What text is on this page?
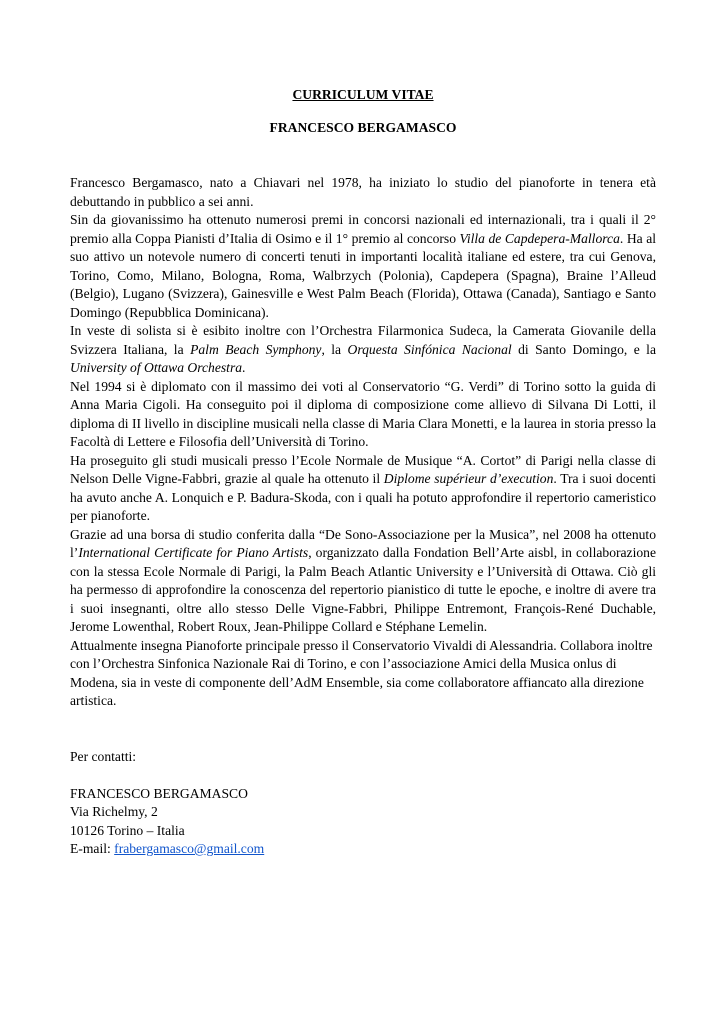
CURRICULUM VITAE

FRANCESCO BERGAMASCO

Francesco Bergamasco, nato a Chiavari nel 1978, ha iniziato lo studio del pianoforte in tenera età debuttando in pubblico a sei anni.

Sin da giovanissimo ha ottenuto numerosi premi in concorsi nazionali ed internazionali, tra i quali il 2° premio alla Coppa Pianisti d’Italia di Osimo e il 1° premio al concorso Villa de Capdepera-Mallorca. Ha al suo attivo un notevole numero di concerti tenuti in importanti località italiane ed estere, tra cui Genova, Torino, Como, Milano, Bologna, Roma, Walbrzych (Polonia), Capdepera (Spagna), Braine l’Alleud (Belgio), Lugano (Svizzera), Gainesville e West Palm Beach (Florida), Ottawa (Canada), Santiago e Santo Domingo (Repubblica Dominicana).

In veste di solista si è esibito inoltre con l’Orchestra Filarmonica Sudeca, la Camerata Giovanile della Svizzera Italiana, la Palm Beach Symphony, la Orquesta Sinfónica Nacional di Santo Domingo, e la University of Ottawa Orchestra.

Nel 1994 si è diplomato con il massimo dei voti al Conservatorio “G. Verdi” di Torino sotto la guida di Anna Maria Cigoli. Ha conseguito poi il diploma di composizione come allievo di Silvana Di Lotti, il diploma di II livello in discipline musicali nella classe di Maria Clara Monetti, e la laurea in storia presso la Facoltà di Lettere e Filosofia dell’Università di Torino.

Ha proseguito gli studi musicali presso l’Ecole Normale de Musique “A. Cortot” di Parigi nella classe di Nelson Delle Vigne-Fabbri, grazie al quale ha ottenuto il Diplome supérieur d’execution. Tra i suoi docenti ha avuto anche A. Lonquich e P. Badura-Skoda, con i quali ha potuto approfondire il repertorio cameristico per pianoforte.

Grazie ad una borsa di studio conferita dalla “De Sono-Associazione per la Musica”, nel 2008 ha ottenuto l’International Certificate for Piano Artists, organizzato dalla Fondation Bell’Arte aisbl, in collaborazione con la stessa Ecole Normale di Parigi, la Palm Beach Atlantic University e l’Università di Ottawa. Ciò gli ha permesso di approfondire la conoscenza del repertorio pianistico di tutte le epoche, e inoltre di avere tra i suoi insegnanti, oltre allo stesso Delle Vigne-Fabbri, Philippe Entremont, François-René Duchable, Jerome Lowenthal, Robert Roux, Jean-Philippe Collard e Stéphane Lemelin.

Attualmente insegna Pianoforte principale presso il Conservatorio Vivaldi di Alessandria. Collabora inoltre con l’Orchestra Sinfonica Nazionale Rai di Torino, e con l’associazione Amici della Musica onlus di Modena, sia in veste di componente dell’AdM Ensemble, sia come collaboratore affiancato alla direzione artistica.

Per contatti:

FRANCESCO BERGAMASCO

Via Richelmy, 2

10126 Torino – Italia

E-mail: frabergamasco@gmail.com
